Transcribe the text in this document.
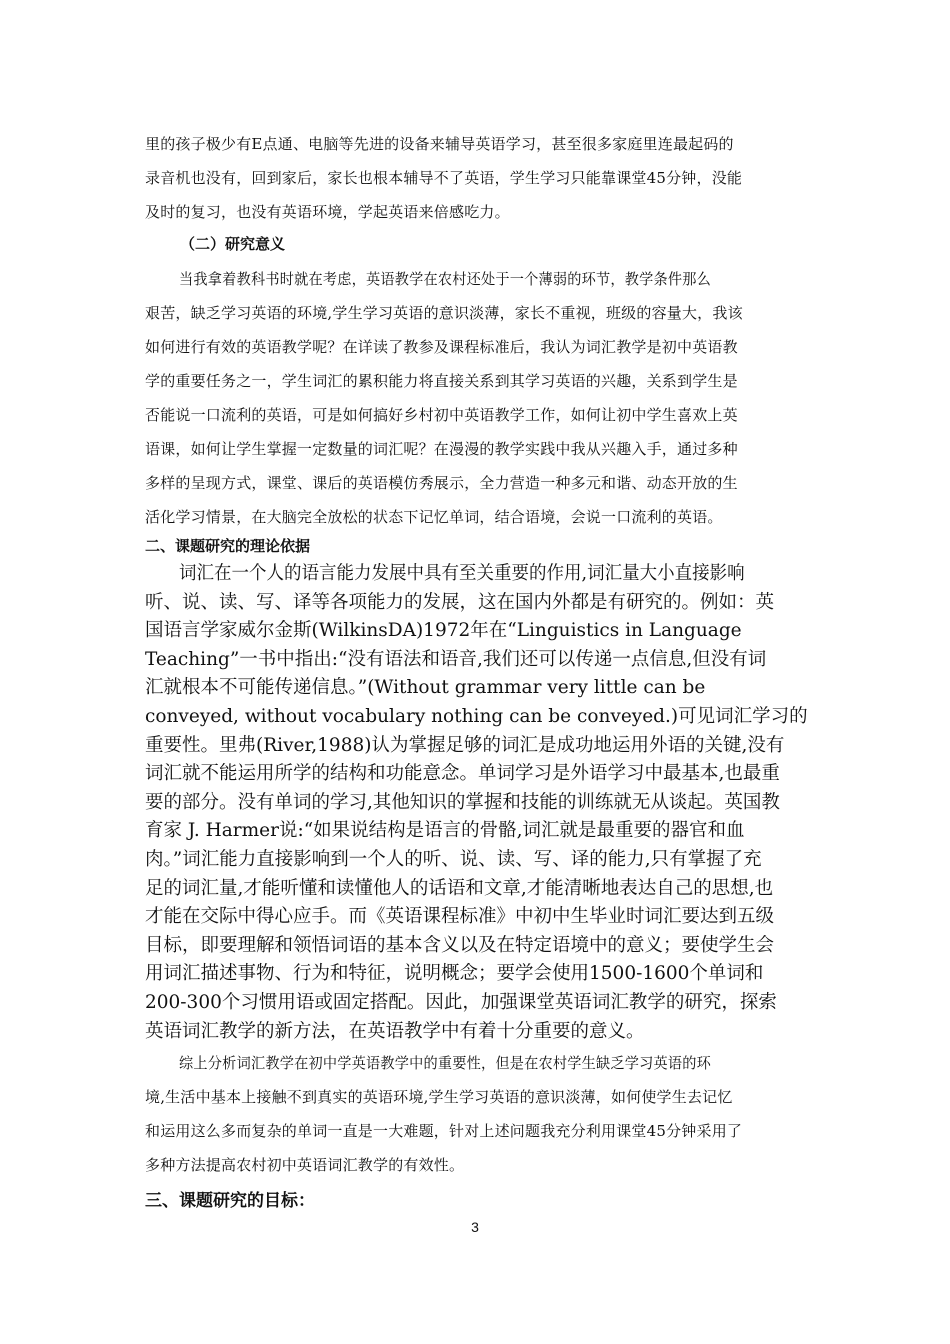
里的孩子极少有E点通、电脑等先进的设备来辅导英语学习，甚至很多家庭里连最起码的
录音机也没有，回到家后，家长也根本辅导不了英语，学生学习只能靠课堂45分钟，没能
及时的复习，也没有英语环境，学起英语来倍感吃力。
（二）研究意义
当我拿着教科书时就在考虑，英语教学在农村还处于一个薄弱的环节，教学条件那么
艰苦，缺乏学习英语的环境,学生学习英语的意识淡薄，家长不重视，班级的容量大，我该
如何进行有效的英语教学呢？在详读了教参及课程标准后，我认为词汇教学是初中英语教
学的重要任务之一，学生词汇的累积能力将直接关系到其学习英语的兴趣，关系到学生是
否能说一口流利的英语，可是如何搞好乡村初中英语教学工作，如何让初中学生喜欢上英
语课，如何让学生掌握一定数量的词汇呢？在漫漫的教学实践中我从兴趣入手，通过多种
多样的呈现方式，课堂、课后的英语模仿秀展示，全力营造一种多元和谐、动态开放的生
活化学习情景，在大脑完全放松的状态下记忆单词，结合语境，会说一口流利的英语。
二、课题研究的理论依据
词汇在一个人的语言能力发展中具有至关重要的作用,词汇量大小直接影响
听、说、读、写、译等各项能力的发展，这在国内外都是有研究的。例如：英
国语言学家威尔金斯(WilkinsDA)1972年在“Linguistics in Language
Teaching”一书中指出:“没有语法和语音,我们还可以传递一点信息,但没有词
汇就根本不可能传递信息。”(Without grammar very little can be
conveyed, without vocabulary nothing can be conveyed.)可见词汇学习的
重要性。里弗(River,1988)认为掌握足够的词汇是成功地运用外语的关键,没有
词汇就不能运用所学的结构和功能意念。单词学习是外语学习中最基本,也最重
要的部分。没有单词的学习,其他知识的掌握和技能的训练就无从谈起。英国教
育家 J. Harmer说:“如果说结构是语言的骨骼,词汇就是最重要的器官和血
肉。”词汇能力直接影响到一个人的听、说、读、写、译的能力,只有掌握了充
足的词汇量,才能听懂和读懂他人的话语和文章,才能清晰地表达自己的思想,也
才能在交际中得心应手。而《英语课程标准》中初中生毕业时词汇要达到五级
目标，即要理解和领悟词语的基本含义以及在特定语境中的意义；要使学生会
用词汇描述事物、行为和特征，说明概念；要学会使用1500-1600个单词和
200-300个习惯用语或固定搭配。因此，加强课堂英语词汇教学的研究，探索
英语词汇教学的新方法，在英语教学中有着十分重要的意义。
综上分析词汇教学在初中学英语教学中的重要性，但是在农村学生缺乏学习英语的环
境,生活中基本上接触不到真实的英语环境,学生学习英语的意识淡薄，如何使学生去记忆
和运用这么多而复杂的单词一直是一大难题，针对上述问题我充分利用课堂45分钟采用了
多种方法提高农村初中英语词汇教学的有效性。
三、课题研究的目标：
3
